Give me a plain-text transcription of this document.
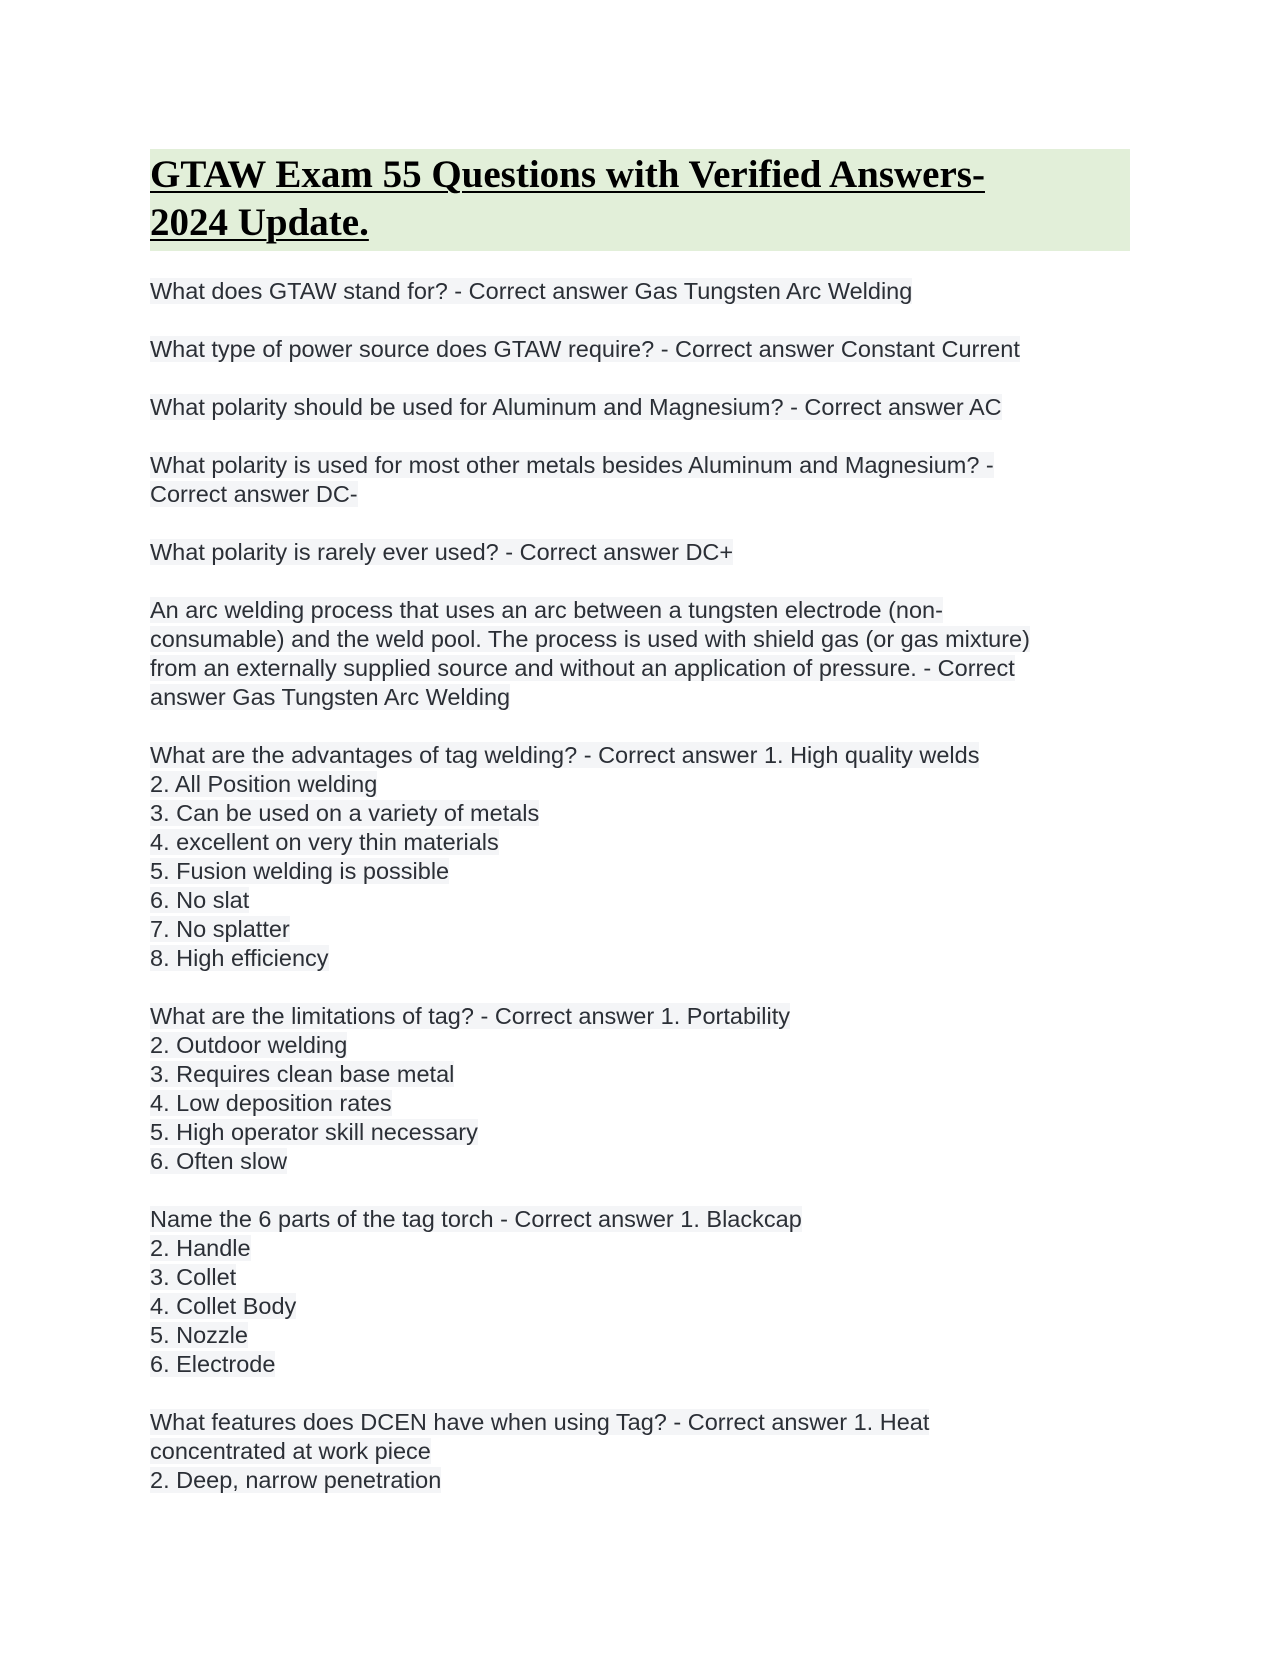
GTAW Exam 55 Questions with Verified Answers-
2024 Update.

What does GTAW stand for? - Correct answer Gas Tungsten Arc Welding

What type of power source does GTAW require? - Correct answer Constant Current

What polarity should be used for Aluminum and Magnesium? - Correct answer AC

What polarity is used for most other metals besides Aluminum and Magnesium? -
Correct answer DC-

What polarity is rarely ever used? - Correct answer DC+

An arc welding process that uses an arc between a tungsten electrode (non-
consumable) and the weld pool. The process is used with shield gas (or gas mixture)
from an externally supplied source and without an application of pressure. - Correct
answer Gas Tungsten Arc Welding

What are the advantages of tag welding? - Correct answer 1. High quality welds
2. All Position welding
3. Can be used on a variety of metals
4. excellent on very thin materials
5. Fusion welding is possible
6. No slat
7. No splatter
8. High efficiency

What are the limitations of tag? - Correct answer 1. Portability
2. Outdoor welding
3. Requires clean base metal
4. Low deposition rates
5. High operator skill necessary
6. Often slow

Name the 6 parts of the tag torch - Correct answer 1. Blackcap
2. Handle
3. Collet
4. Collet Body
5. Nozzle
6. Electrode

What features does DCEN have when using Tag? - Correct answer 1. Heat
concentrated at work piece
2. Deep, narrow penetration
